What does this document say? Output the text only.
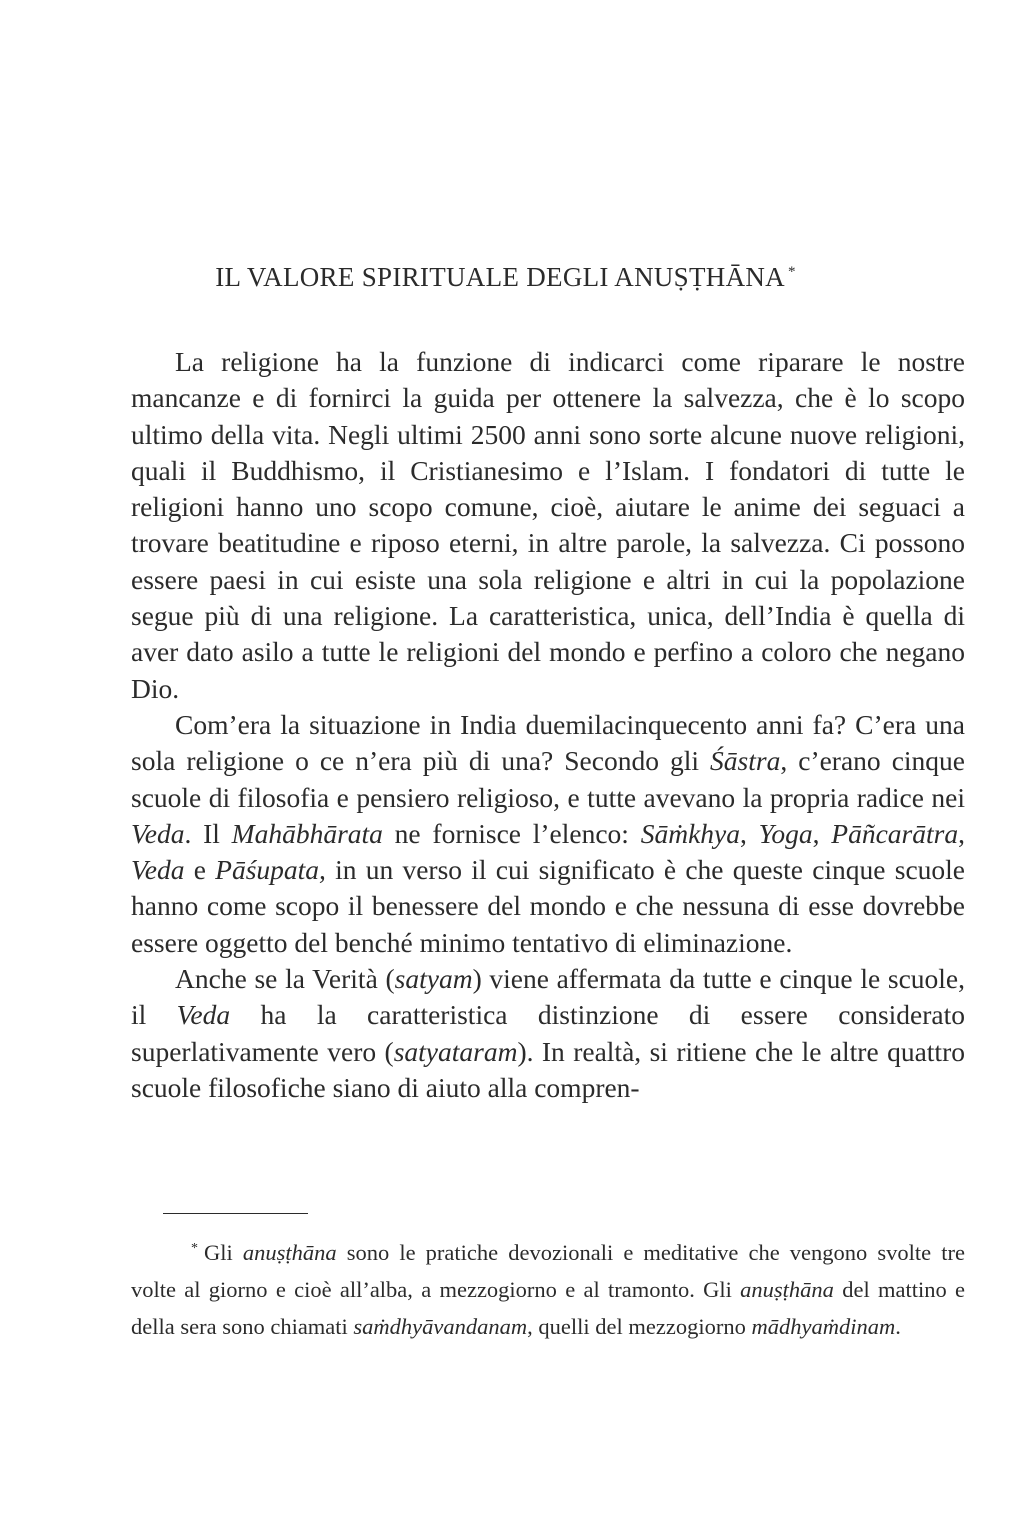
IL VALORE SPIRITUALE DEGLI ANUṢṬHĀNA *

La religione ha la funzione di indicarci come riparare le nostre mancanze e di fornirci la guida per ottenere la salvezza, che è lo scopo ultimo della vita. Negli ultimi 2500 anni sono sorte alcune nuove religioni, quali il Buddhismo, il Cristianesimo e l’Islam. I fondatori di tutte le religioni hanno uno scopo comune, cioè, aiutare le anime dei seguaci a trovare beatitudine e riposo eterni, in altre parole, la salvezza. Ci possono essere paesi in cui esiste una sola religione e altri in cui la popolazione segue più di una religione. La caratteristica, unica, dell’India è quella di aver dato asilo a tutte le religioni del mondo e perfino a coloro che negano Dio.

Com’era la situazione in India duemilacinquecento anni fa? C’era una sola religione o ce n’era più di una? Secondo gli Śāstra, c’erano cinque scuole di filosofia e pensiero religioso, e tutte avevano la propria radice nei Veda. Il Mahābhārata ne fornisce l’elenco: Sāṁkhya, Yoga, Pāñcarātra, Veda e Pāśupata, in un verso il cui significato è che queste cinque scuole hanno come scopo il benessere del mondo e che nessuna di esse dovrebbe essere oggetto del benché minimo tentativo di eliminazione.

Anche se la Verità (satyam) viene affermata da tutte e cinque le scuole, il Veda ha la caratteristica distinzione di essere considerato superlativamente vero (satyataram). In realtà, si ritiene che le altre quattro scuole filosofiche siano di aiuto alla compren-

* Gli anuṣṭhāna sono le pratiche devozionali e meditative che vengono svolte tre volte al giorno e cioè all’alba, a mezzogiorno e al tramonto. Gli anuṣṭhāna del mattino e della sera sono chiamati saṁdhyāvandanam, quelli del mezzogiorno mādhyaṁdinam.
